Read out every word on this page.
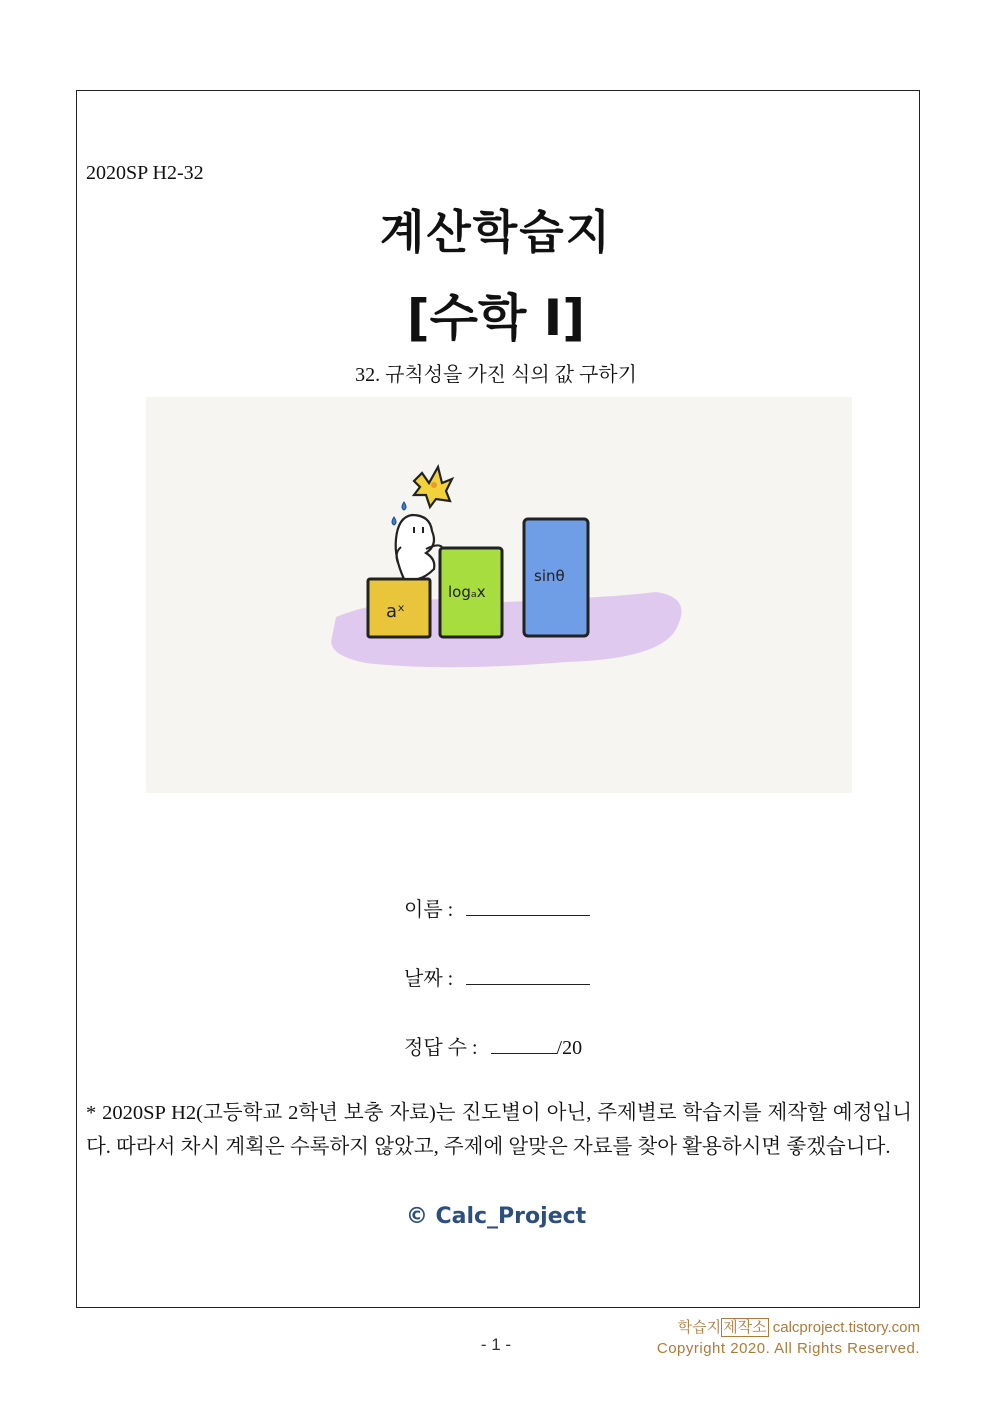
2020SP H2-32
계산학습지
[수학 Ⅰ]
32. 규칙성을 가진 식의 값 구하기
aˣ
logₐx
sinθ
이름 :
날짜 :
정답 수 :	/20
* 2020SP H2(고등학교 2학년 보충 자료)는 진도별이 아닌, 주제별로 학습지를 제작할 예정입니다. 따라서 차시 계획은 수록하지 않았고, 주제에 알맞은 자료를 찾아 활용하시면 좋겠습니다.
© Calc_Project
학습지 제작소 calcproject.tistory.com
Copyright 2020. All Rights Reserved.
- 1 -
